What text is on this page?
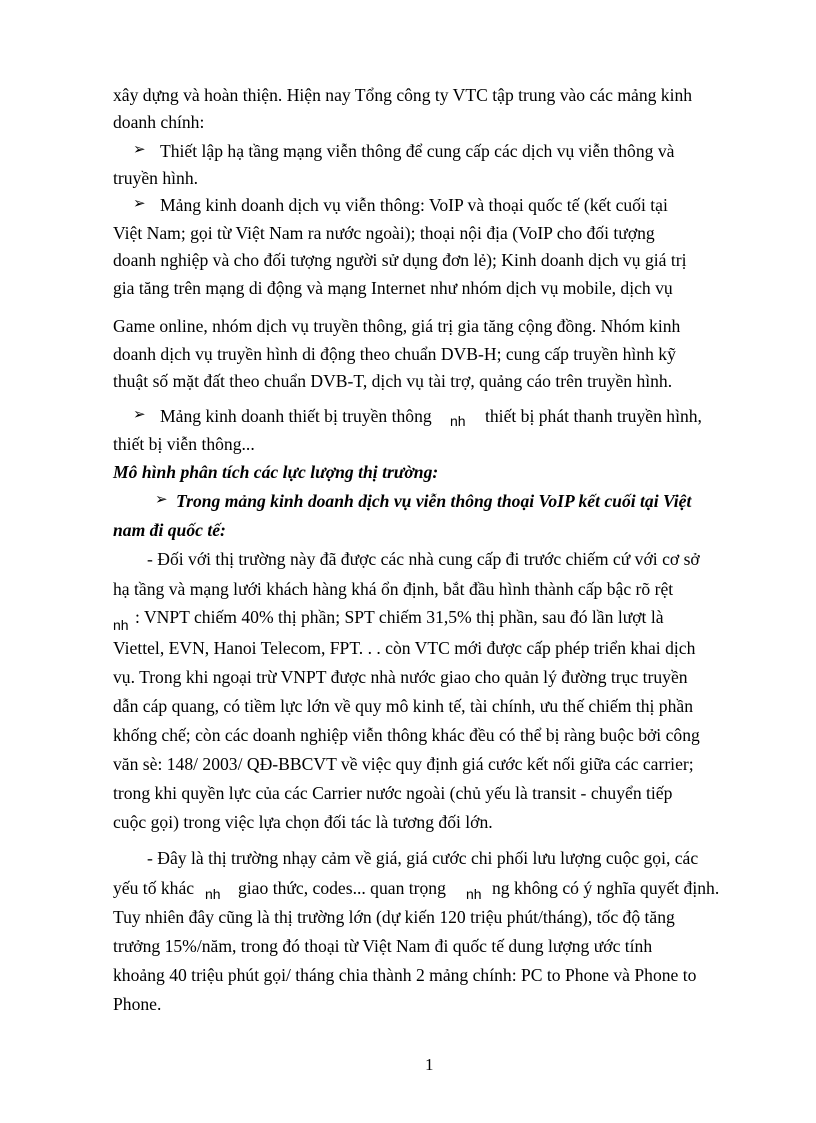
xây dựng và hoàn thiện. Hiện nay Tổng công ty VTC tập trung vào các mảng kinh
doanh chính:
➢ Thiết lập hạ tầng mạng viễn thông để cung cấp các dịch vụ viễn thông và
truyền hình.
➢ Mảng kinh doanh dịch vụ viễn thông: VoIP và thoại quốc tế (kết cuối tại
Việt Nam; gọi từ Việt Nam ra nước ngoài); thoại nội địa (VoIP cho đối tượng
doanh nghiệp và cho đối tượng người sử dụng đơn lẻ); Kinh doanh dịch vụ giá trị
gia tăng trên mạng di động và mạng Internet như nhóm dịch vụ mobile, dịch vụ
Game online, nhóm dịch vụ truyền thông, giá trị gia tăng cộng đồng. Nhóm kinh
doanh dịch vụ truyền hình di động theo chuẩn DVB-H; cung cấp truyền hình kỹ
thuật số mặt đất theo chuẩn DVB-T, dịch vụ tài trợ, quảng cáo trên truyền hình.
➢ Mảng kinh doanh thiết bị truyền thông nh thiết bị phát thanh truyền hình,
thiết bị viễn thông...
Mô hình phân tích các lực lượng thị trường:
➢ Trong mảng kinh doanh dịch vụ viễn thông thoại VoIP kết cuối tại Việt
nam đi quốc tế:
- Đối với thị trường này đã được các nhà cung cấp đi trước chiếm cứ với cơ sở
hạ tầng và mạng lưới khách hàng khá ổn định, bắt đầu hình thành cấp bậc rõ rệt
nh : VNPT chiếm 40% thị phần; SPT chiếm 31,5% thị phần, sau đó lần lượt là
Viettel, EVN, Hanoi Telecom, FPT. . . còn VTC mới được cấp phép triển khai dịch
vụ. Trong khi ngoại trừ VNPT được nhà nước giao cho quản lý đường trục truyền
dẫn cáp quang, có tiềm lực lớn về quy mô kinh tế, tài chính, ưu thế chiếm thị phần
khống chế; còn các doanh nghiệp viễn thông khác đều có thể bị ràng buộc bởi công
văn sè: 148/ 2003/ QĐ-BBCVT về việc quy định giá cước kết nối giữa các carrier;
trong khi quyền lực của các Carrier nước ngoài (chủ yếu là transit - chuyển tiếp
cuộc gọi) trong việc lựa chọn đối tác là tương đối lớn.
- Đây là thị trường nhạy cảm về giá, giá cước chi phối lưu lượng cuộc gọi, các
yếu tố khác nh giao thức, codes... quan trọng nh ng không có ý nghĩa quyết định.
Tuy nhiên đây cũng là thị trường lớn (dự kiến 120 triệu phút/tháng), tốc độ tăng
trưởng 15%/năm, trong đó thoại từ Việt Nam đi quốc tế dung lượng ước tính
khoảng 40 triệu phút gọi/ tháng chia thành 2 mảng chính: PC to Phone và Phone to
Phone.
1
